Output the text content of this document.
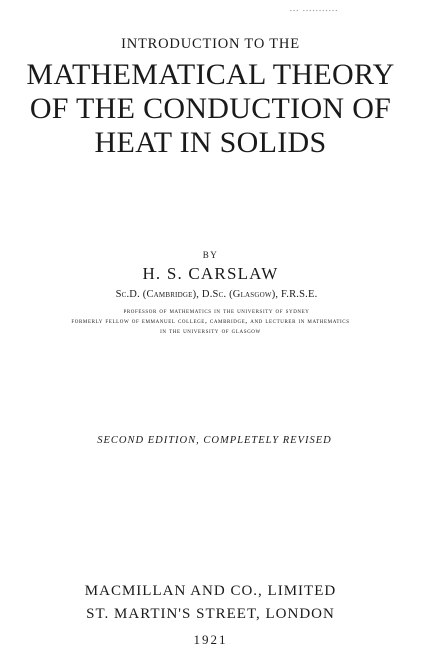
... ...........
INTRODUCTION TO THE
MATHEMATICAL THEORY
OF THE CONDUCTION OF
HEAT IN SOLIDS
BY
H. S. CARSLAW
Sc.D. (Cambridge), D.Sc. (Glasgow), F.R.S.E.
professor of mathematics in the university of sydney
formerly fellow of emmanuel college, cambridge, and lecturer in mathematics
in the university of glasgow
SECOND EDITION, COMPLETELY REVISED
MACMILLAN AND CO., LIMITED
ST. MARTIN'S STREET, LONDON
1921
